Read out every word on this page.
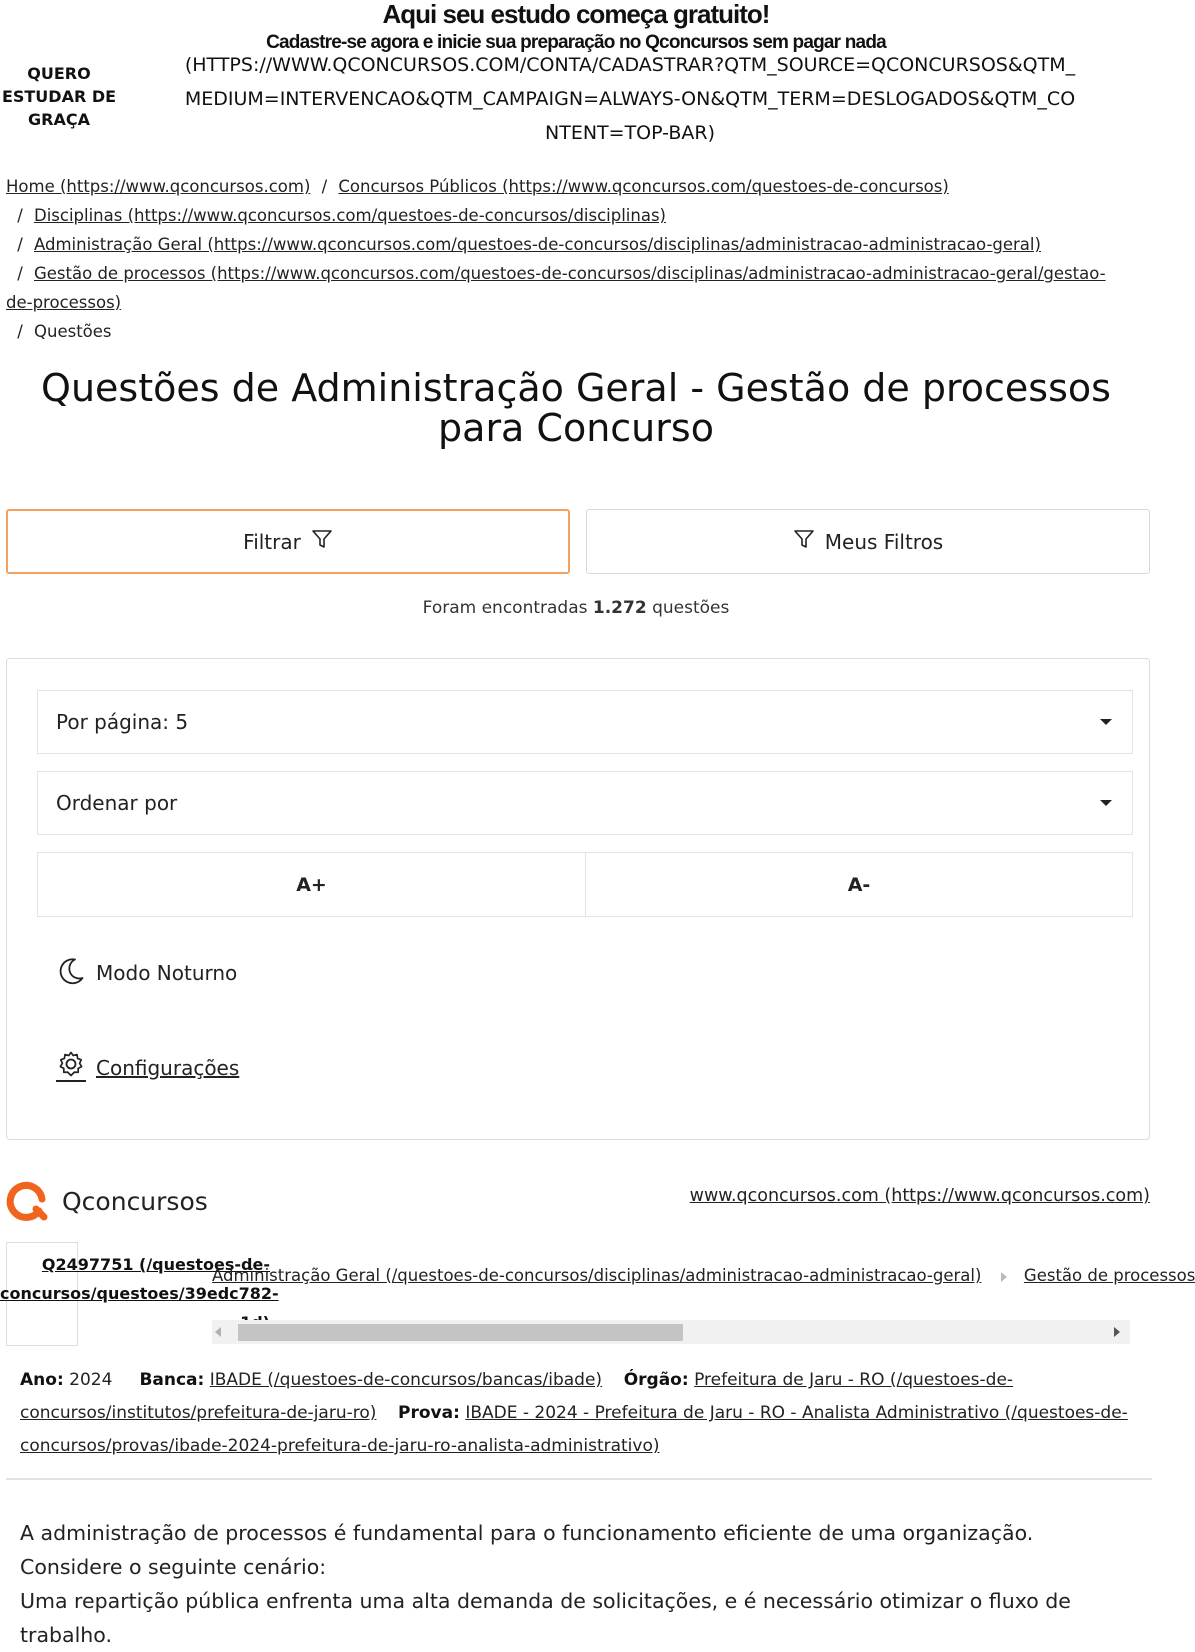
QUERO ESTUDAR DE GRAÇA
(HTTPS://WWW.QCONCURSOS.COM/CONTA/CADASTRAR?QTM_SOURCE=QCONCURSOS&QTM_MEDIUM=INTERVENCAO&QTM_CAMPAIGN=ALWAYS-ON&QTM_TERM=DESLOGADOS&QTM_CONTENT=TOP-BAR)
Aqui seu estudo começa gratuito!
Cadastre-se agora e inicie sua preparação no Qconcursos sem pagar nada
Home (https://www.qconcursos.com) / Concursos Públicos (https://www.qconcursos.com/questoes-de-concursos)
/ Disciplinas (https://www.qconcursos.com/questoes-de-concursos/disciplinas)
/ Administração Geral (https://www.qconcursos.com/questoes-de-concursos/disciplinas/administracao-administracao-geral)
/ Gestão de processos (https://www.qconcursos.com/questoes-de-concursos/disciplinas/administracao-administracao-geral/gestao-de-processos)
/ Questões
Questões de Administração Geral - Gestão de processos para Concurso
Filtrar	Meus Filtros
Foram encontradas 1.272 questões
Por página: 5
Ordenar por
A+	A-
Modo Noturno
Configurações
Qconcursos	www.qconcursos.com (https://www.qconcursos.com)
Q2497751 (/questoes-de-concursos/questoes/39edc782-
Administração Geral (/questoes-de-concursos/disciplinas/administracao-administracao-geral)	Gestão de processos
Ano: 2024 Banca: IBADE (/questoes-de-concursos/bancas/ibade) Órgão: Prefeitura de Jaru - RO (/questoes-de-concursos/institutos/prefeitura-de-jaru-ro) Prova: IBADE - 2024 - Prefeitura de Jaru - RO - Analista Administrativo (/questoes-de-concursos/provas/ibade-2024-prefeitura-de-jaru-ro-analista-administrativo)
A administração de processos é fundamental para o funcionamento eficiente de uma organização. Considere o seguinte cenário:
Uma repartição pública enfrenta uma alta demanda de solicitações, e é necessário otimizar o fluxo de trabalho.
